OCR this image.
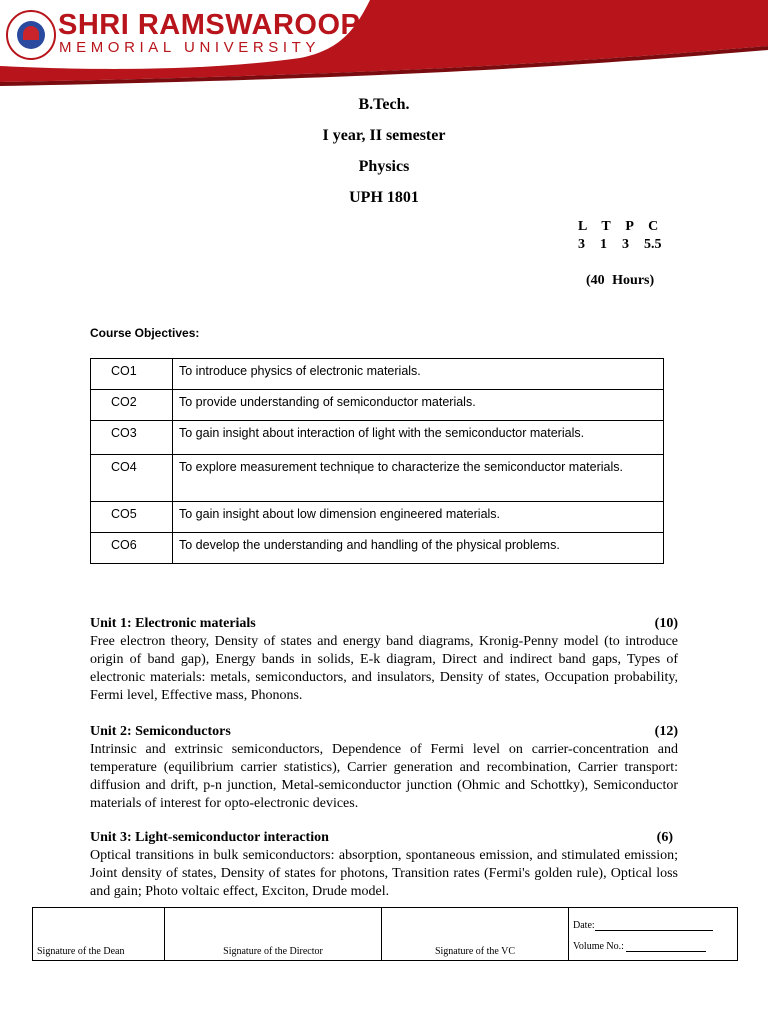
SHRI RAMSWAROOP
MEMORIAL UNIVERSITY
B.Tech.
I year, II semester
Physics
UPH 1801
L  T  P  C
3  1  3  5.5
(40 Hours)
Course Objectives:
CO1	To introduce physics of electronic materials.
CO2	To provide understanding of semiconductor materials.
CO3	To gain insight about interaction of light with the semiconductor materials.
CO4	To explore measurement technique to characterize the semiconductor materials.
CO5	To gain insight about low dimension engineered materials.
CO6	To develop the understanding and handling of the physical problems.
Unit 1: Electronic materials	(10)
Free electron theory, Density of states and energy band diagrams, Kronig-Penny model (to introduce origin of band gap), Energy bands in solids, E-k diagram, Direct and indirect band gaps, Types of electronic materials: metals, semiconductors, and insulators, Density of states, Occupation probability, Fermi level, Effective mass, Phonons.
Unit 2: Semiconductors	(12)
Intrinsic and extrinsic semiconductors, Dependence of Fermi level on carrier-concentration and temperature (equilibrium carrier statistics), Carrier generation and recombination, Carrier transport: diffusion and drift, p-n junction, Metal-semiconductor junction (Ohmic and Schottky), Semiconductor materials of interest for opto-electronic devices.
Unit 3: Light-semiconductor interaction	(6)
Optical transitions in bulk semiconductors: absorption, spontaneous emission, and stimulated emission; Joint density of states, Density of states for photons, Transition rates (Fermi's golden rule), Optical loss and gain; Photo voltaic effect, Exciton, Drude model.
Signature of the Dean	Signature of the Director	Signature of the VC	
Date:
Volume No.:
